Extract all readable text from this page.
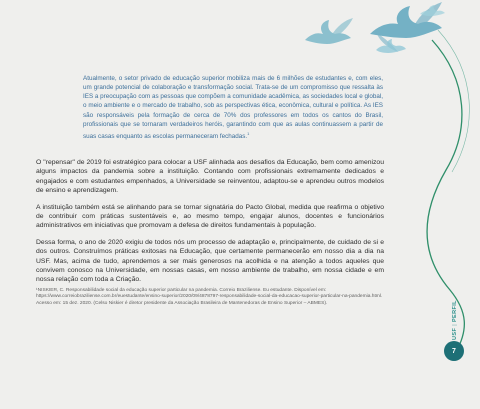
Atualmente, o setor privado de educação superior mobiliza mais de 6 milhões de estudantes e, com eles, um grande potencial de colaboração e transformação social. Trata-se de um compromisso que ressalta às IES a preocupação com as pessoas que compõem a comunidade acadêmica, as sociedades local e global, o meio ambiente e o mercado de trabalho, sob as perspectivas ética, econômica, cultural e política. As IES são responsáveis pela formação de cerca de 70% dos professores em todos os cantos do Brasil, profissionais que se tornaram verdadeiros heróis, garantindo com que as aulas continuassem a partir de suas casas enquanto as escolas permaneceram fechadas.$^1$

O "repensar" de 2019 foi estratégico para colocar a USF alinhada aos desafios da Educação, bem como amenizou alguns impactos da pandemia sobre a instituição. Contando com profissionais extremamente dedicados e engajados e com estudantes empenhados, a Universidade se reinventou, adaptou-se e aprendeu outros modelos de ensino e aprendizagem.

A instituição também está se alinhando para se tornar signatária do Pacto Global, medida que reafirma o objetivo de contribuir com práticas sustentáveis e, ao mesmo tempo, engajar alunos, docentes e funcionários administrativos em iniciativas que promovam a defesa de direitos fundamentais à população.

Dessa forma, o ano de 2020 exigiu de todos nós um processo de adaptação e, principalmente, de cuidado de si e dos outros. Construímos práticas exitosas na Educação, que certamente permanecerão em nosso dia a dia na USF. Mas, acima de tudo, aprendemos a ser mais generosos na acolhida e na atenção a todos aqueles que convivem conosco na Universidade, em nossas casas, em nosso ambiente de trabalho, em nossa cidade e em nossa relação com toda a Criação.

¹NISKIER, C. Responsabilidade social da educação superior particular na pandemia. Correio Braziliense. Eu estudante. Disponível em: https://www.correiobraziliense.com.br/euestudante/ensino-superior/2020/09/4878797-responsabilidade-social-da-educacao-superior-particular-na-pandemia.html. Acesso em: 15 dez. 2020. (Celso Niskier é diretor presidente da Associação Brasileira de Mantenedoras de Ensino Superior – ABMES).

USF | PERFIL
7
